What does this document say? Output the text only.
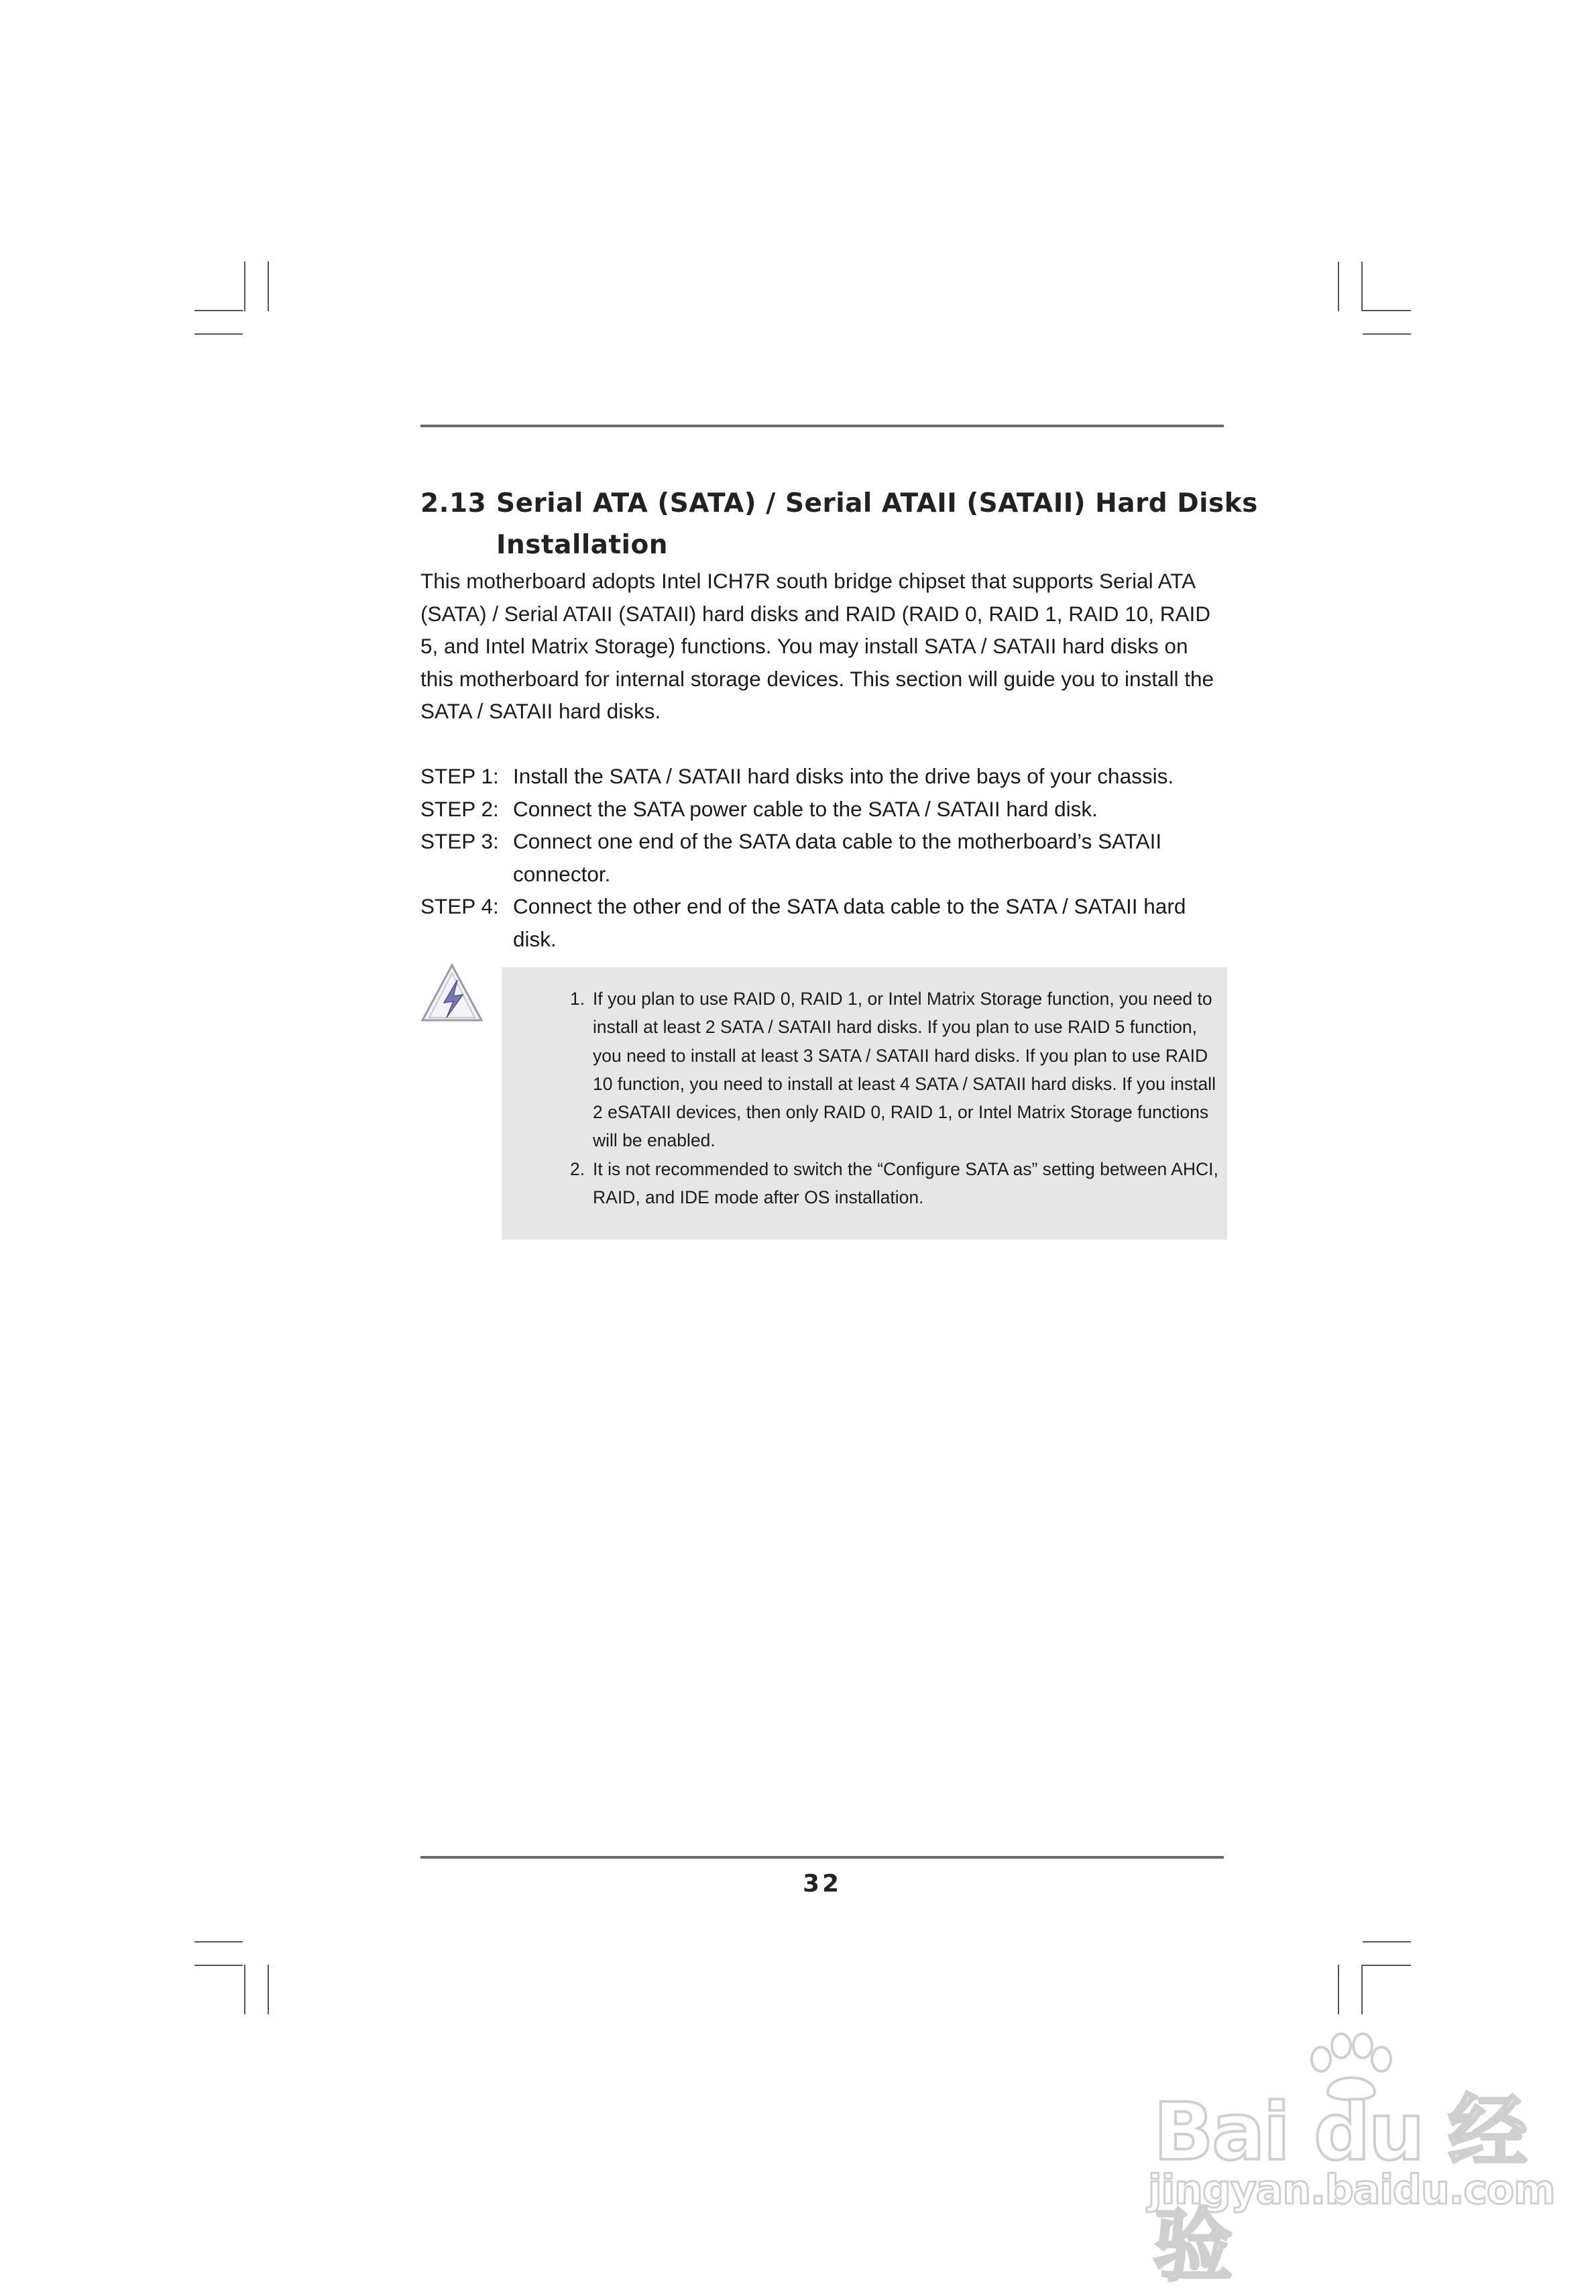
2.13 Serial ATA (SATA) / Serial ATAII (SATAII) Hard Disks
Installation
This motherboard adopts Intel ICH7R south bridge chipset that supports Serial ATA (SATA) / Serial ATAII (SATAII) hard disks and RAID (RAID 0, RAID 1, RAID 10, RAID 5, and Intel Matrix Storage) functions. You may install SATA / SATAII hard disks on this motherboard for internal storage devices. This section will guide you to install the SATA / SATAII hard disks.
STEP 1: Install the SATA / SATAII hard disks into the drive bays of your chassis.
STEP 2: Connect the SATA power cable to the SATA / SATAII hard disk.
STEP 3: Connect one end of the SATA data cable to the motherboard’s SATAII connector.
STEP 4: Connect the other end of the SATA data cable to the SATA / SATAII hard disk.
1. If you plan to use RAID 0, RAID 1, or Intel Matrix Storage function, you need to install at least 2 SATA / SATAII hard disks. If you plan to use RAID 5 function, you need to install at least 3 SATA / SATAII hard disks. If you plan to use RAID 10 function, you need to install at least 4 SATA / SATAII hard disks. If you install 2 eSATAII devices, then only RAID 0, RAID 1, or Intel Matrix Storage functions will be enabled.
2. It is not recommended to switch the “Configure SATA as” setting between AHCI, RAID, and IDE mode after OS installation.
32
Bai du 经验
jingyan.baidu.com
